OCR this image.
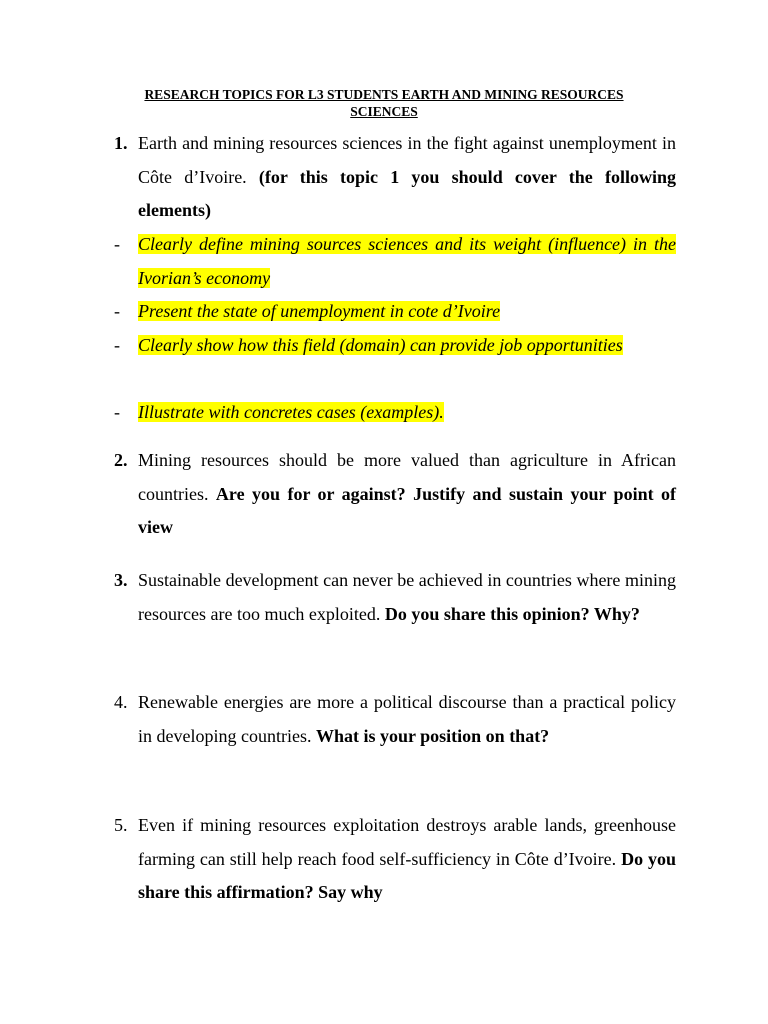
RESEARCH TOPICS FOR L3 STUDENTS EARTH AND MINING RESOURCES
SCIENCES
1. Earth and mining resources sciences in the fight against unemployment in Côte d’Ivoire. (for this topic 1 you should cover the following elements)
- Clearly define mining sources sciences and its weight (influence) in the Ivorian’s economy
- Present the state of unemployment in cote d’Ivoire
- Clearly show how this field (domain) can provide job opportunities
- Illustrate with concretes cases (examples).
2. Mining resources should be more valued than agriculture in African countries. Are you for or against? Justify and sustain your point of view
3. Sustainable development can never be achieved in countries where mining resources are too much exploited. Do you share this opinion? Why?
4. Renewable energies are more a political discourse than a practical policy in developing countries. What is your position on that?
5. Even if mining resources exploitation destroys arable lands, greenhouse farming can still help reach food self-sufficiency in Côte d’Ivoire. Do you share this affirmation? Say why
